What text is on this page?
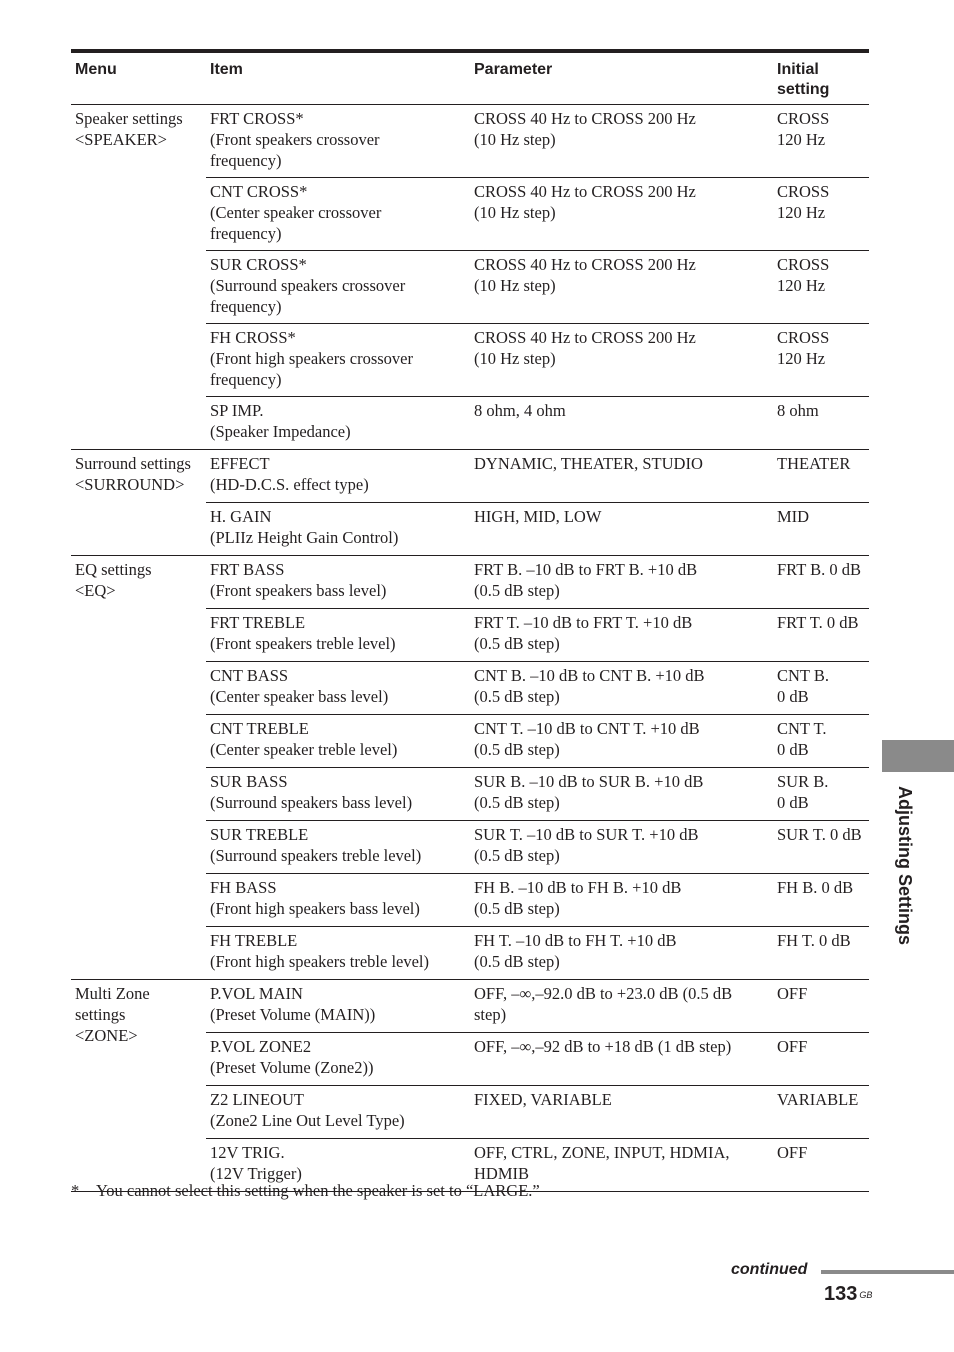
Menu	Item	Parameter	Initial
setting
Speaker settings
<SPEAKER>	FRT CROSS*
(Front speakers crossover
frequency)	CROSS 40 Hz to CROSS 200 Hz
(10 Hz step)	CROSS
120 Hz
	CNT CROSS*
(Center speaker crossover
frequency)	CROSS 40 Hz to CROSS 200 Hz
(10 Hz step)	CROSS
120 Hz
	SUR CROSS*
(Surround speakers crossover
frequency)	CROSS 40 Hz to CROSS 200 Hz
(10 Hz step)	CROSS
120 Hz
	FH CROSS*
(Front high speakers crossover
frequency)	CROSS 40 Hz to CROSS 200 Hz
(10 Hz step)	CROSS
120 Hz
	SP IMP.
(Speaker Impedance)	8 ohm, 4 ohm	8 ohm
Surround settings
<SURROUND>	EFFECT
(HD-D.C.S. effect type)	DYNAMIC, THEATER, STUDIO	THEATER
	H. GAIN
(PLIIz Height Gain Control)	HIGH, MID, LOW	MID
EQ settings
<EQ>	FRT BASS
(Front speakers bass level)	FRT B. –10 dB to FRT B. +10 dB
(0.5 dB step)	FRT B. 0 dB
	FRT TREBLE
(Front speakers treble level)	FRT T. –10 dB to FRT T. +10 dB
(0.5 dB step)	FRT T. 0 dB
	CNT BASS
(Center speaker bass level)	CNT B. –10 dB to CNT B. +10 dB
(0.5 dB step)	CNT B.
0 dB
	CNT TREBLE
(Center speaker treble level)	CNT T. –10 dB to CNT T. +10 dB
(0.5 dB step)	CNT T.
0 dB
	SUR BASS
(Surround speakers bass level)	SUR B. –10 dB to SUR B. +10 dB
(0.5 dB step)	SUR B.
0 dB
	SUR TREBLE
(Surround speakers treble level)	SUR T. –10 dB to SUR T. +10 dB
(0.5 dB step)	SUR T. 0 dB
	FH BASS
(Front high speakers bass level)	FH B. –10 dB to FH B. +10 dB
(0.5 dB step)	FH B. 0 dB
	FH TREBLE
(Front high speakers treble level)	FH T. –10 dB to FH T. +10 dB
(0.5 dB step)	FH T. 0 dB
Multi Zone
settings
<ZONE>	P.VOL MAIN
(Preset Volume (MAIN))	OFF, –∞,–92.0 dB to +23.0 dB (0.5 dB
step)	OFF
	P.VOL ZONE2
(Preset Volume (Zone2))	OFF, –∞,–92 dB to +18 dB (1 dB step)	OFF
	Z2 LINEOUT
(Zone2 Line Out Level Type)	FIXED, VARIABLE	VARIABLE
	12V TRIG.
(12V Trigger)	OFF, CTRL, ZONE, INPUT, HDMIA,
HDMIB	OFF
* You cannot select this setting when the speaker is set to “LARGE.”
Adjusting Settings
continued
133 $^{GB}$
